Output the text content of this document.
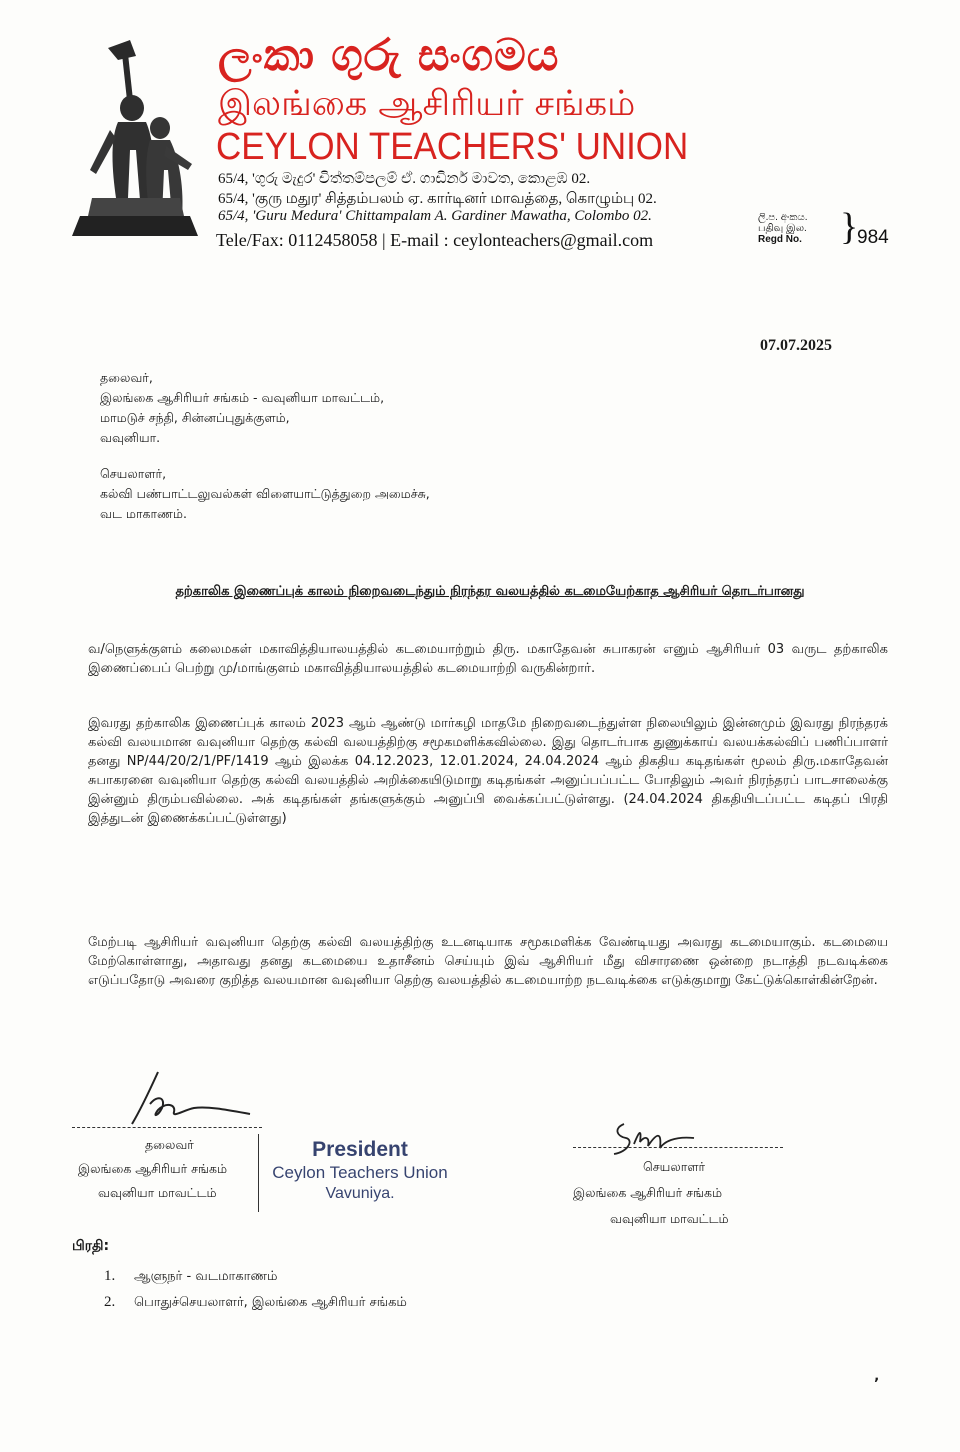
ලංකා ගුරු සංගමය
இலங்கை ஆசிரியர் சங்கம்
CEYLON TEACHERS' UNION
65/4, 'ගුරු මැදුර' චිත්තම්පලම් ඒ. ගාඩිනර් මාවත, කොළඹ 02.
65/4, 'குரு மதுர' சித்தம்பலம் ஏ. கார்டினர் மாவத்தை, கொழும்பு 02.
65/4, 'Guru Medura' Chittampalam A. Gardiner Mawatha, Colombo 02.
Tele/Fax: 0112458058 | E-mail : ceylonteachers@gmail.com
ලි.ප. අංකය.
பதிவு இல.
Regd No.	}
984
07.07.2025
தலைவர்,
இலங்கை ஆசிரியர் சங்கம் - வவுனியா மாவட்டம்,
மாமடுச் சந்தி, சின்னப்புதுக்குளம்,
வவுனியா.
செயலாளர்,
கல்வி பண்பாட்டலுவல்கள் விளையாட்டுத்துறை அமைச்சு,
வட மாகாணம்.
தற்காலிக இணைப்புக் காலம் நிறைவடைந்தும் நிரந்தர வலயத்தில் கடமையேற்காத ஆசிரியர் தொடர்பானது
வ/நெளுக்குளம் கலைமகள் மகாவித்தியாலயத்தில் கடமையாற்றும் திரு. மகாதேவன் சுபாகரன் எனும் ஆசிரியர் 03 வருட தற்காலிக இணைப்பைப் பெற்று மு/மாங்குளம் மகாவித்தியாலயத்தில் கடமையாற்றி வருகின்றார்.
இவரது தற்காலிக இணைப்புக் காலம் 2023 ஆம் ஆண்டு மார்கழி மாதமே நிறைவடைந்துள்ள நிலையிலும் இன்னமும் இவரது நிரந்தரக் கல்வி வலயமான வவுனியா தெற்கு கல்வி வலயத்திற்கு சமூகமளிக்கவில்லை. இது தொடர்பாக துணுக்காய் வலயக்கல்விப் பணிப்பாளர் தனது NP/44/20/2/1/PF/1419 ஆம் இலக்க 04.12.2023, 12.01.2024, 24.04.2024 ஆம் திகதிய கடிதங்கள் மூலம் திரு.மகாதேவன் சுபாகரனை வவுனியா தெற்கு கல்வி வலயத்தில் அறிக்கையிடுமாறு கடிதங்கள் அனுப்பப்பட்ட போதிலும் அவர் நிரந்தரப் பாடசாலைக்கு இன்னும் திரும்பவில்லை. அக் கடிதங்கள் தங்களுக்கும் அனுப்பி வைக்கப்பட்டுள்ளது. (24.04.2024 திகதியிடப்பட்ட கடிதப் பிரதி இத்துடன் இணைக்கப்பட்டுள்ளது)
மேற்படி ஆசிரியர் வவுனியா தெற்கு கல்வி வலயத்திற்கு உடனடியாக சமூகமளிக்க வேண்டியது அவரது கடமையாகும். கடமையை மேற்கொள்ளாது, அதாவது தனது கடமையை உதாசீனம் செய்யும் இவ் ஆசிரியர் மீது விசாரணை ஒன்றை நடாத்தி நடவடிக்கை எடுப்பதோடு அவரை குறித்த வலயமான வவுனியா தெற்கு வலயத்தில் கடமையாற்ற நடவடிக்கை எடுக்குமாறு கேட்டுக்கொள்கின்றேன்.
தலைவர்
இலங்கை ஆசிரியர் சங்கம்
வவுனியா மாவட்டம்
President
Ceylon Teachers Union
Vavuniya.
செயலாளர்
இலங்கை ஆசிரியர் சங்கம்
வவுனியா மாவட்டம்
பிரதி:
1. ஆளுநர் - வடமாகாணம்
2. பொதுச்செயலாளர், இலங்கை ஆசிரியர் சங்கம்
ʼ
